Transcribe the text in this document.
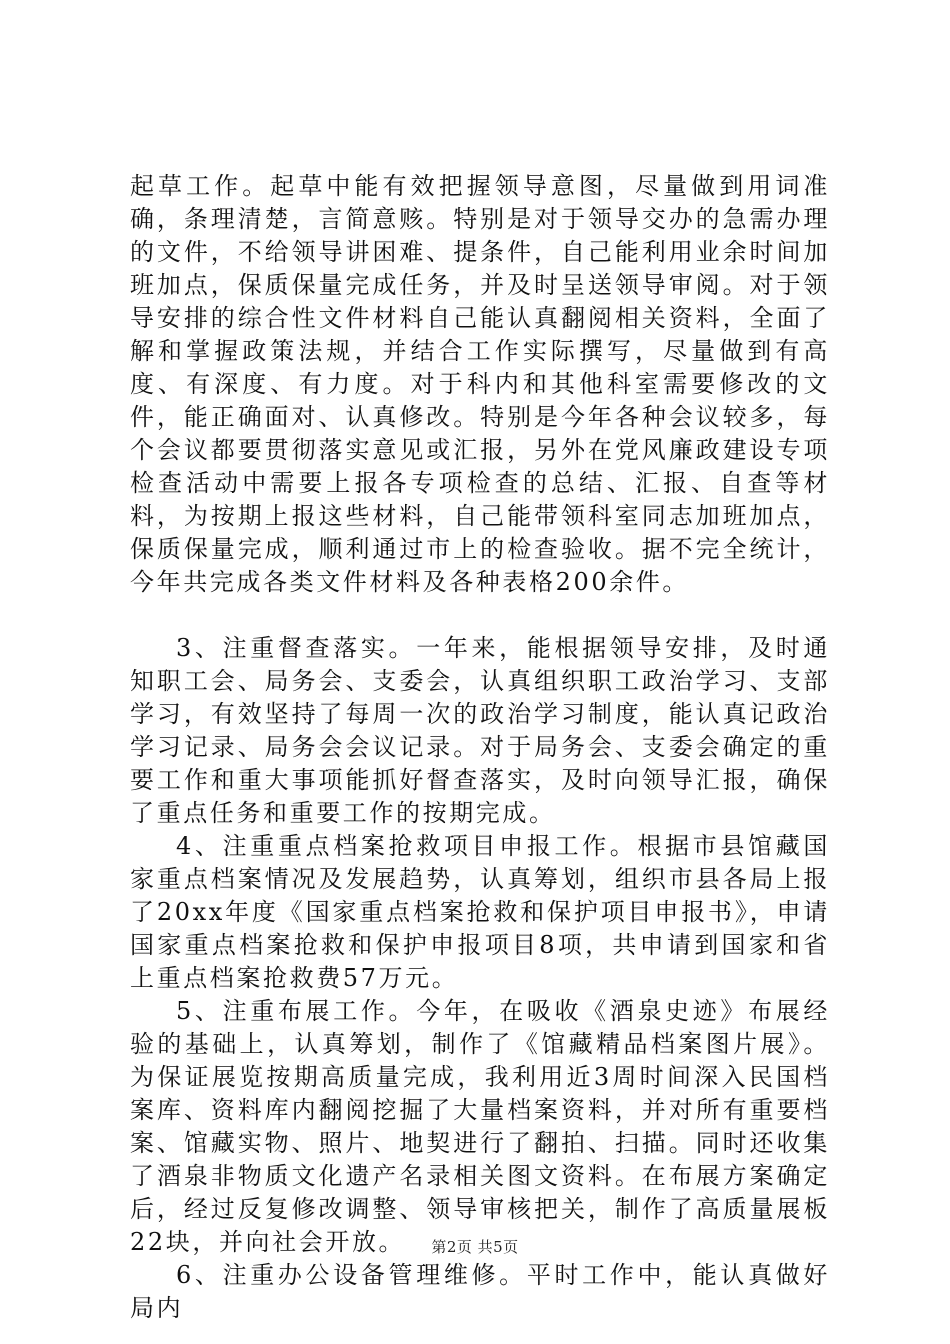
起草工作。起草中能有效把握领导意图，尽量做到用词准确，条理清楚，言简意赅。特别是对于领导交办的急需办理的文件，不给领导讲困难、提条件，自己能利用业余时间加班加点，保质保量完成任务，并及时呈送领导审阅。对于领导安排的综合性文件材料自己能认真翻阅相关资料，全面了解和掌握政策法规，并结合工作实际撰写，尽量做到有高度、有深度、有力度。对于科内和其他科室需要修改的文件，能正确面对、认真修改。特别是今年各种会议较多，每个会议都要贯彻落实意见或汇报，另外在党风廉政建设专项检查活动中需要上报各专项检查的总结、汇报、自查等材料，为按期上报这些材料，自己能带领科室同志加班加点，保质保量完成，顺利通过市上的检查验收。据不完全统计，今年共完成各类文件材料及各种表格200余件。

3、注重督查落实。一年来，能根据领导安排，及时通知职工会、局务会、支委会，认真组织职工政治学习、支部学习，有效坚持了每周一次的政治学习制度，能认真记政治学习记录、局务会会议记录。对于局务会、支委会确定的重要工作和重大事项能抓好督查落实，及时向领导汇报，确保了重点任务和重要工作的按期完成。

4、注重重点档案抢救项目申报工作。根据市县馆藏国家重点档案情况及发展趋势，认真筹划，组织市县各局上报了20xx年度《国家重点档案抢救和保护项目申报书》，申请国家重点档案抢救和保护申报项目8项，共申请到国家和省上重点档案抢救费57万元。

5、注重布展工作。今年，在吸收《酒泉史迹》布展经验的基础上，认真筹划，制作了《馆藏精品档案图片展》。为保证展览按期高质量完成，我利用近3周时间深入民国档案库、资料库内翻阅挖掘了大量档案资料，并对所有重要档案、馆藏实物、照片、地契进行了翻拍、扫描。同时还收集了酒泉非物质文化遗产名录相关图文资料。在布展方案确定后，经过反复修改调整、领导审核把关，制作了高质量展板22块，并向社会开放。

6、注重办公设备管理维修。平时工作中，能认真做好局内

第2页 共5页
